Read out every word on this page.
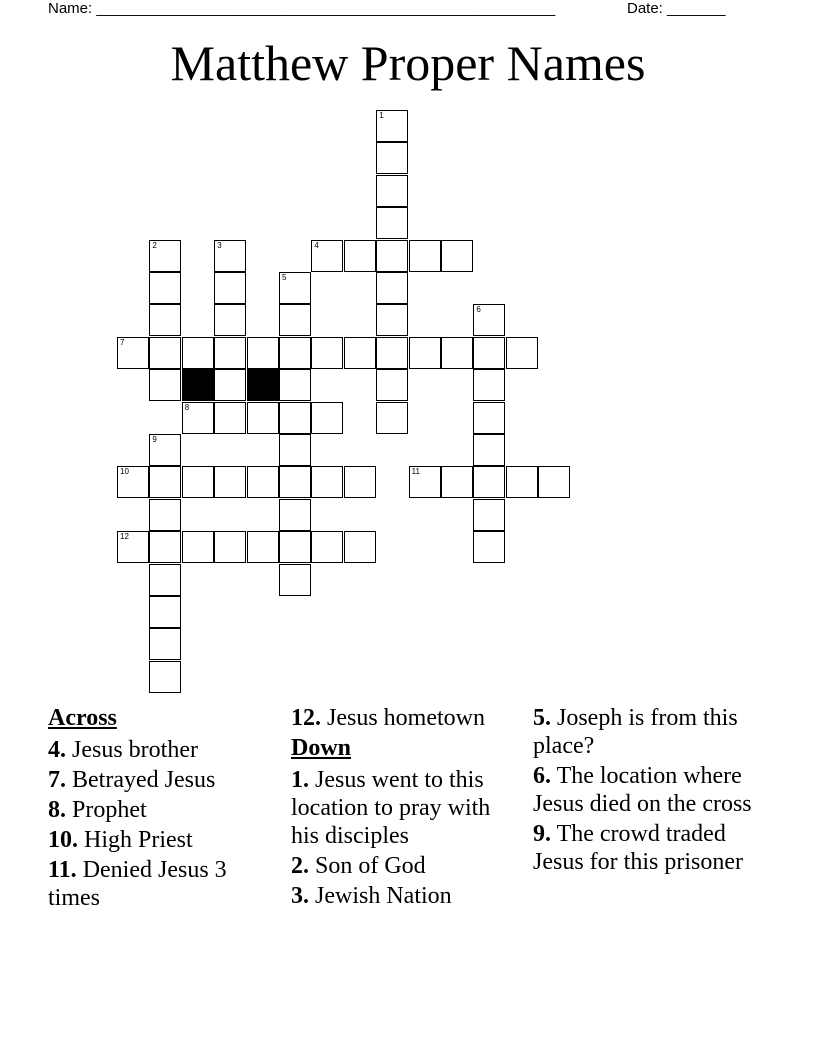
Name: _______________________________________________________	Date: _______
Matthew Proper Names
1
2	3	4
5
6
7
8
9
10	11
12
Across
4. Jesus brother
7. Betrayed Jesus
8. Prophet
10. High Priest
11. Denied Jesus 3 times
12. Jesus hometown
Down
1. Jesus went to this location to pray with his disciples
2. Son of God
3. Jewish Nation
5. Joseph is from this place?
6. The location where Jesus died on the cross
9. The crowd traded Jesus for this prisoner
